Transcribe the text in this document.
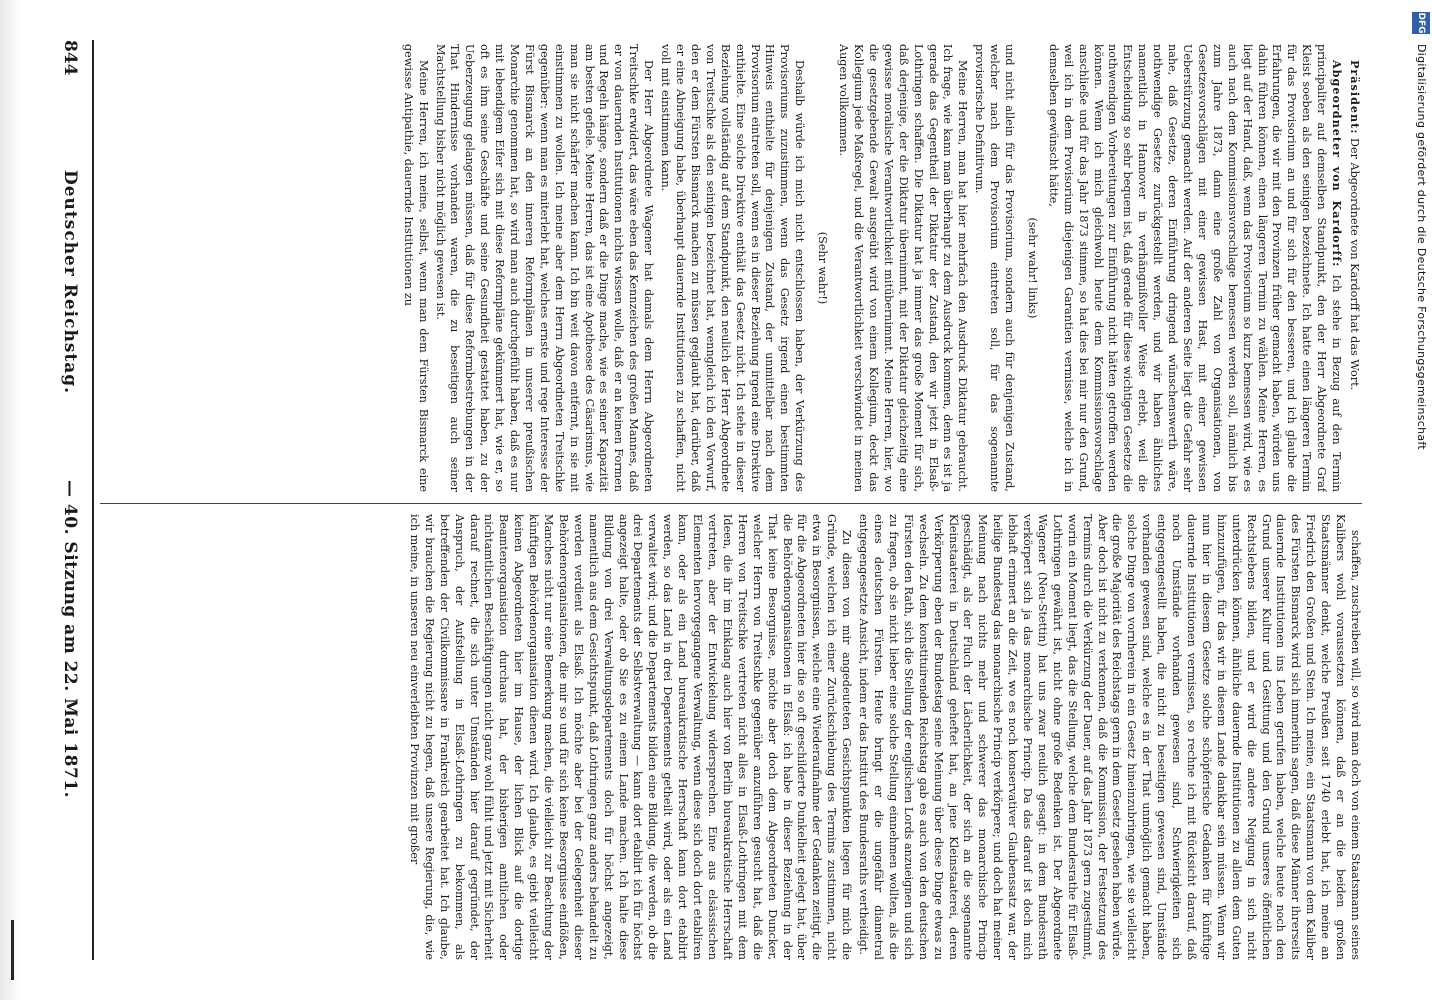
DFG
Digitalisierung gefördert durch die Deutsche Forschungsgemeinschaft
844
Deutscher Reichstag.
— 40. Sitzung am 22. Mai 1871.

Präsident: Der Abgeordnete von Kardorff hat das Wort.

Abgeordneter von Kardorff: Ich stehe in Bezug auf den Termin principaliter auf demselben Standpunkt, den der Herr Abgeordnete Graf Kleist soeben als den seinigen bezeichnete. Ich hatte einen längeren Termin für das Provisorium an und für sich für den besseren, und ich glaube die Erfahrungen, die wir mit den Provinzen früher gemacht haben, würden uns dahin führen können, einen längeren Termin zu wählen. Meine Herren, es liegt auf der Hand, daß, wenn das Provisorium so kurz bemessen wird, wie es auch nach dem Kommissionsvorschlage bemessen werden soll, nämlich bis zum Jahre 1873, dann eine große Zahl von Organisationen, von Gesetzesvorschlägen mit einer gewissen Hast, mit einer gewissen Ueberstürzung gemacht werden. Auf der anderen Seite liegt die Gefahr sehr nahe, daß Gesetze, deren Einführung dringend wünschenswerth wäre, nothwendige Gesetze zurückgestellt werden, und wir haben ähnliches namentlich in Hannover in verhängnißvoller Weise erlebt, weil die Entscheidung so sehr bequem ist, daß gerade für diese wichtigen Gesetze die nothwendigen Vorbereitungen zur Einführung nicht hätten getroffen werden können. Wenn ich mich gleichwohl heute dem Kommissionsvorschlage anschließe und für das Jahr 1873 stimme, so hat dies bei mir nur den Grund, weil ich in dem Provisorium diejenigen Garantien vermisse, welche ich in demselben gewünscht hätte,

(sehr wahr! links)

und nicht allein für das Provisorium, sondern auch für denjenigen Zustand, welcher nach dem Provisorium eintreten soll, für das sogenannte provisorische Definitivum.

Meine Herren, man hat hier mehrfach den Ausdruck Diktatur gebraucht. Ich frage, wie kann man überhaupt zu dem Ausdruck kommen, denn es ist ja gerade das Gegentheil der Diktatur der Zustand, den wir jetzt in Elsaß-Lothringen schaffen. Die Diktatur hat ja immer das große Moment für sich, daß derjenige, der die Diktatur übernimmt, mit der Diktatur gleichzeitig eine gewisse moralische Verantwortlichkeit mitübernimmt. Meine Herren, hier, wo die gesetzgebende Gewalt ausgeübt wird von einem Kollegium, deckt das Kollegium jede Maßregel, und die Verantwortlichkeit verschwindet in meinen Augen vollkommen.

(Sehr wahr!)

Deshalb würde ich mich nicht entschlossen haben, der Verkürzung des Provisoriums zuzustimmen, wenn das Gesetz irgend einen bestimmten Hinweis enthielte für denjenigen Zustand, der unmittelbar nach dem Provisorium eintreten soll, wenn es in dieser Beziehung irgend eine Direktive enthielte. Eine solche Direktive enthält das Gesetz nicht. Ich stehe in dieser Beziehung vollständig auf dem Standpunkt, den neulich der Herr Abgeordnete von Treitschke als den seinigen bezeichnet hat, wenngleich ich den Vorwurf, den er dem Fürsten Bismarck machen zu müssen geglaubt hat, darüber, daß er eine Abneigung habe, überhaupt dauernde Institutionen zu schaffen, nicht voll mit einstimmen kann.

Der Herr Abgeordnete Wagener hat damals dem Herrn Abgeordneten Treitschke erwidert, das wäre eben das Kennzeichen des großen Mannes, daß er von dauernden Institutionen nichts wissen wolle, daß er an keinen Formen und Regeln hänge, sondern daß er die Dinge mache, wie es seiner Kapazität am besten gefiele. Meine Herren, das ist eine Apotheose des Cäsarismus, wie man sie nicht schärfer machen kann. Ich bin weit davon entfernt, in sie mit einstimmen zu wollen. Ich meine aber dem Herrn Abgeordneten Treitschke gegenüber: wenn man es miterlebt hat, welches ernste und rege Interesse der Fürst Bismarck an den inneren Reformplänen in unserer preußischen Monarchie genommen hat, so wird man auch durchgefühlt haben, daß es nur mit lebendigem Eifer sich mit diese Reformpläne gekümmert hat, wie er, so oft es ihm seine Geschäfte und seine Gesundheit gestattet haben, zu der Ueberzeugung gelangen müssen, daß für diese Reformbestrebungen in der That Hindernisse vorhanden waren, die zu beseitigen auch seiner Machtstellung bisher nicht möglich gewesen ist.

Meine Herren, ich meine, selbst, wenn man dem Fürsten Bismarck eine gewisse Antipathie, dauernde Institutionen zu

schaffen, zuschreiben will, so wird man doch von einem Staatsmann seines Kalibers wohl voraussetzen können, daß er an die beiden großen Staatsmänner denkt, welche Preußen seit 1740 erlebt hat, ich meine an Friedrich den Großen und Stein. Ich meine, ein Staatsmann von dem Kaliber des Fürsten Bismarck wird sich immerhin sagen, daß diese Männer ihrerseits dauernde Institutionen ins Leben gerufen haben, welche heute noch den Grund unserer Kultur und Gesittung und den Grund unseres öffentlichen Rechtslebens bilden, und er wird die andere Neigung in sich nicht unterdrücken können, ähnliche dauernde Institutionen zu allem dem Guten hinzuzufügen, für das wir in diesem Lande dankbar sein müssen. Wenn wir nun hier in diesem Gesetze solche schöpferische Gedanken für künftige dauernde Institutionen vermissen, so rechne ich mit Rücksicht darauf, daß noch Umstände vorhanden gewesen sind, Schwierigkeiten sich entgegengestellt haben, die nicht zu beseitigen gewesen sind, Umstände vorhanden gewesen sind, welche es in der That unmöglich gemacht haben, solche Dinge von vornherein in ein Gesetz hineinzubringen, wie sie vielleicht die große Majorität des Reichstags gern in dem Gesetz gesehen haben würde. Aber doch ist nicht zu verkennen, daß die Kommission, der Festsetzung des Termins durch die Verkürzung der Dauer, auf das Jahr 1873 gern zugestimmt, worin ein Moment liegt, das die Stellung, welche dem Bundesrathe für Elsaß-Lothringen gewährt ist, nicht ohne große Bedenken ist. Der Abgeordnete Wagener (Neu-Stettin) hat uns zwar neulich gesagt: in dem Bundesrath verkörpert sich ja das monarchische Princip. Da das darauf ist doch mich lebhaft erinnert an die Zeit, wo es noch konservativer Glaubenssatz war, der heilige Bundestag das monarchische Princip verkörpere; und doch hat meiner Meinung nach nichts mehr und schwerer das monarchische Princip geschädigt, als der Fluch der Lächerlichkeit, der sich an die sogenannte Kleinstaaterei in Deutschland geheftet hat, an jene Kleinstaaterei, deren Verkörperung eben der Bundestag seine Meinung über diese Dinge etwas zu wechseln. Zu dem konstituirenden Reichstag gab es auch von den deutschen Fürsten den Rath, sich die Stellung der englischen Lords anzueignen und sich zu fragen, ob sie nicht lieber eine solche Stellung einnehmen wollten, als die eines deutschen Fürsten. Heute bringt er die ungefähr diametral entgegengesetzte Ansicht, indem er das Institut des Bundesraths vertheidigt.

Zu diesen von mir angedeuteten Gesichtspunkten liegen für mich die Gründe, welchen ich einer Zurückschiebung des Termins zustimmen, nicht etwa in Besorgnissen, welche eine Wiederaufnahme der Gedanken zeitigt, die für die Abgeordneten hier die so oft geschilderte Dunkelheit gelegt hat, über die Behördenorganisationen in Elsaß: ich habe in dieser Beziehung in der That keine Besorgnisse, möchte aber doch dem Abgeordneten Duncker, welcher Herrn von Treitschke gegenüber anzuführen gesucht hat, daß die Herren von Treitschke vertreten nicht alles in Elsaß-Lothringen mit dem Ideen, die ihr im Einklang auch hier von Berlin bureaukratische Herrschaft vertreten, aber der Entwickelung widersprechen. Eine aus elsässischen Elementen hervorgegangene Verwaltung, wenn diese sich doch dort etabliren kann, oder als ein Land bureaukratische Herrschaft kann dort etablirt werden, so das Land in drei Departements getheilt wird, oder als ein Land verwaltet wird; und die Departements bilden eine Bildung, die werden, ob die drei Departements der Selbstverwaltung — kann dort etablirt ich für höchst angezeigt halte, oder ob Sie es zu einem Lande machen. Ich halte diese Bildung von drei Verwaltungsdepartements doch für höchst angezeigt, namentlich aus dem Gesichtspunkt, daß Lothringen ganz anders behandelt zu werden verdient als Elsaß. Ich möchte aber bei der Gelegenheit dieser Behördenorganisationen, die mir so und für sich keine Besorgnisse einflößen, Manches nicht nur eine Bemerkung machen, die vielleicht zur Beachtung der künftigen Behördenorganisation dienen wird. Ich glaube, es giebt vielleicht keinen Abgeordneten hier im Hause, der lichen Blick auf die dortige Beamtenorganisation durchaus hat, der bisherigen amtlichen oder nichtamtlichen Beschäftigungen nicht ganz wohl fühlt und jetzt mit Sicherheit darauf rechnet, die sich unter Umständen hier darauf gegründet, der Anspruch, der Aufstellung in Elsaß-Lothringen zu bekommen, als betreffenden der Civilkommissare in Frankreich gearbeitet hat. Ich glaube, wir brauchen die Regierung nicht zu hegen, daß unsere Regierung, die, wie ich meine, in unseren neu einverleibten Provinzen mit großer
